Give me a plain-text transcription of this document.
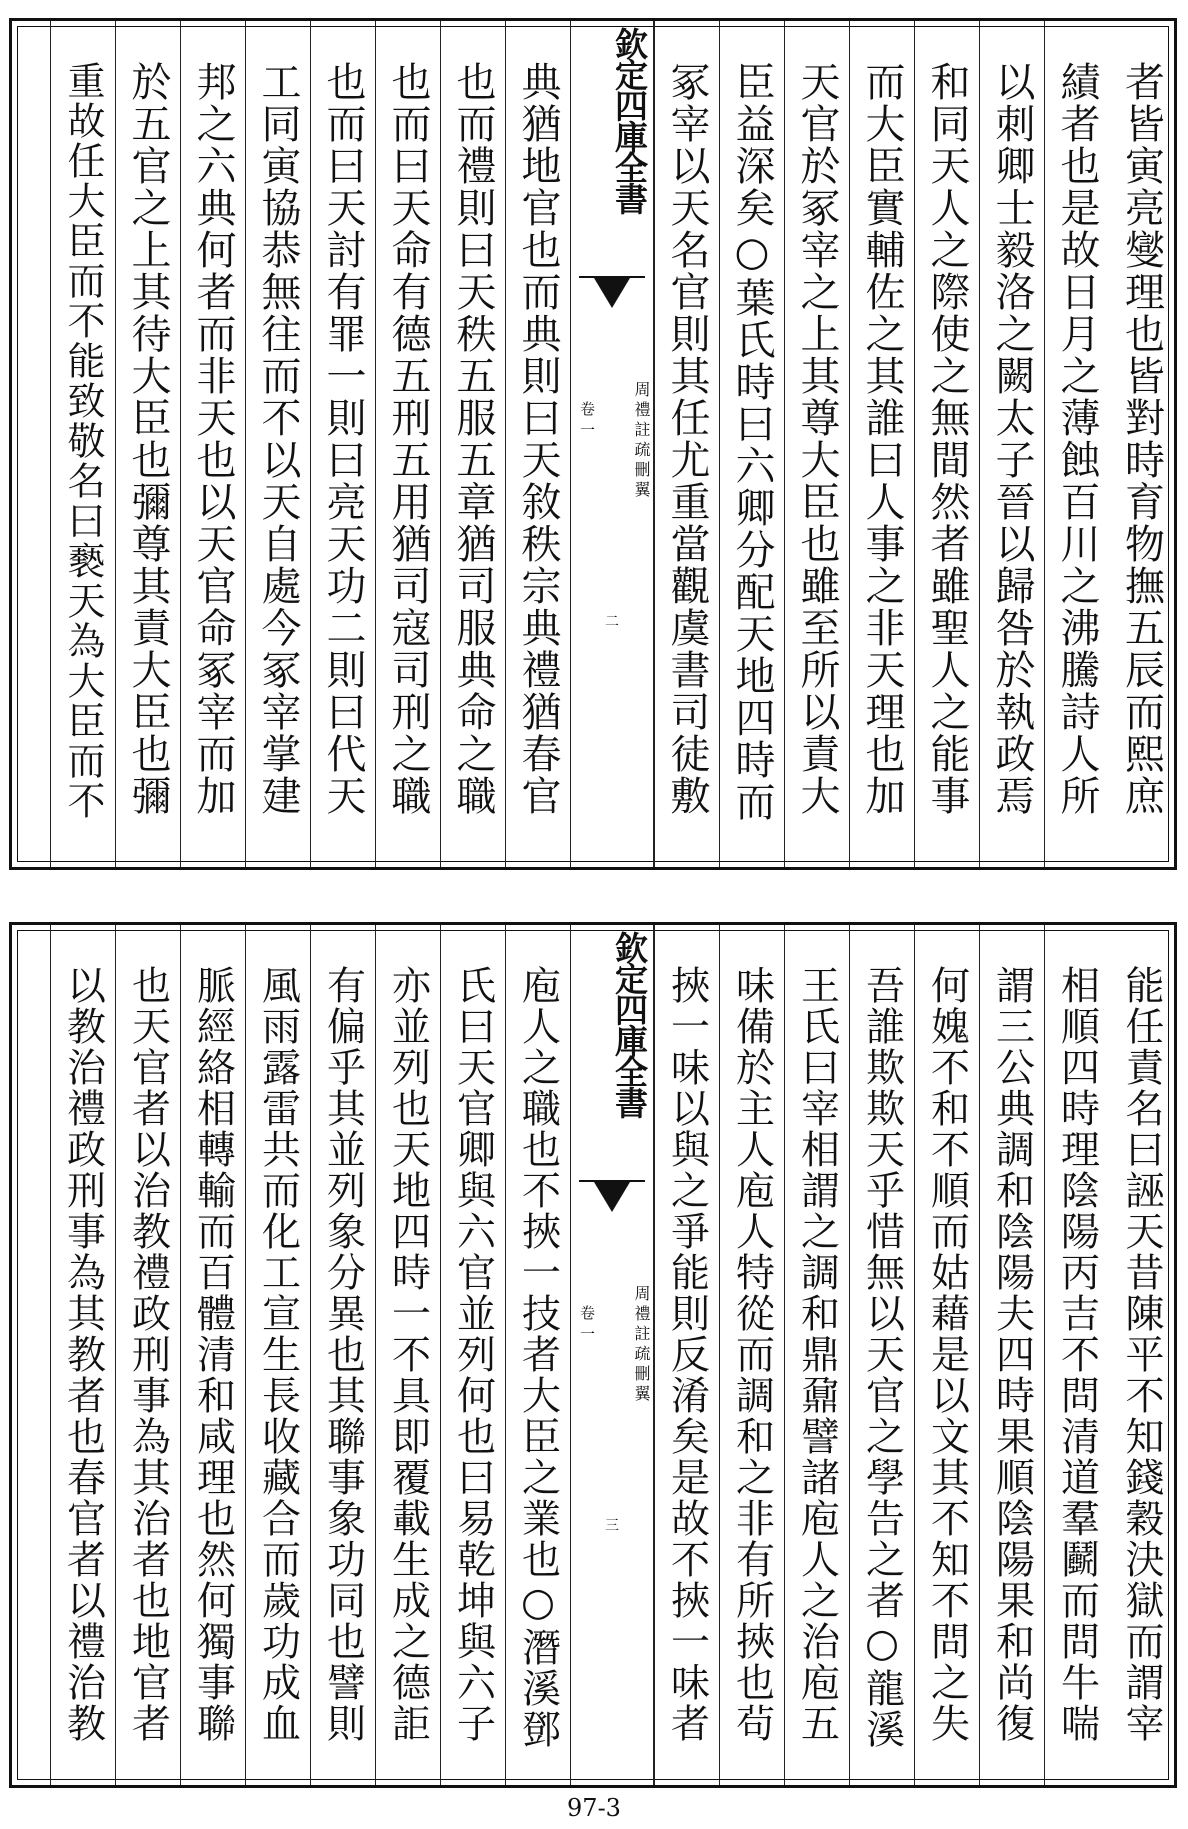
者皆寅亮燮理也皆對時育物撫五辰而熙庶
績者也是故日月之薄蝕百川之沸騰詩人所
以刺卿士毅洛之闕太子晉以歸咎於執政焉
和同天人之際使之無間然者雖聖人之能事
而大臣實輔佐之其誰曰人事之非天理也加
天官於冢宰之上其尊大臣也雖至所以責大
臣益深矣○葉氏時曰六卿分配天地四時而
冢宰以天名官則其任尤重當觀虞書司徒敷
欽定四庫全書
周禮註疏刪翼
卷一
二
典猶地官也而典則曰天敘秩宗典禮猶春官
也而禮則曰天秩五服五章猶司服典命之職
也而曰天命有德五刑五用猶司寇司刑之職
也而曰天討有罪一則曰亮天功二則曰代天
工同寅協恭無往而不以天自處今冢宰掌建
邦之六典何者而非天也以天官命冢宰而加
於五官之上其待大臣也彌尊其責大臣也彌
重故任大臣而不能致敬名曰褻天為大臣而不
能任責名曰誣天昔陳平不知錢穀決獄而謂宰
相順四時理陰陽丙吉不問清道羣鬬而問牛喘
謂三公典調和陰陽夫四時果順陰陽果和尚復
何媿不和不順而姑藉是以文其不知不問之失
吾誰欺欺天乎惜無以天官之學告之者○龍溪
王氏曰宰相謂之調和鼎鼐譬諸庖人之治庖五
味備於主人庖人特從而調和之非有所挾也茍
挾一味以與之爭能則反淆矣是故不挾一味者
欽定四庫全書
周禮註疏刪翼
卷一
三
庖人之職也不挾一技者大臣之業也○潛溪鄧
氏曰天官卿與六官並列何也曰易乾坤與六子
亦並列也天地四時一不具即覆載生成之德詎
有偏乎其並列象分異也其聯事象功同也譬則
風雨露雷共而化工宣生長收藏合而歲功成血
脈經絡相轉輸而百體清和咸理也然何獨事聯
也天官者以治教禮政刑事為其治者也地官者
以教治禮政刑事為其教者也春官者以禮治教
97-3
